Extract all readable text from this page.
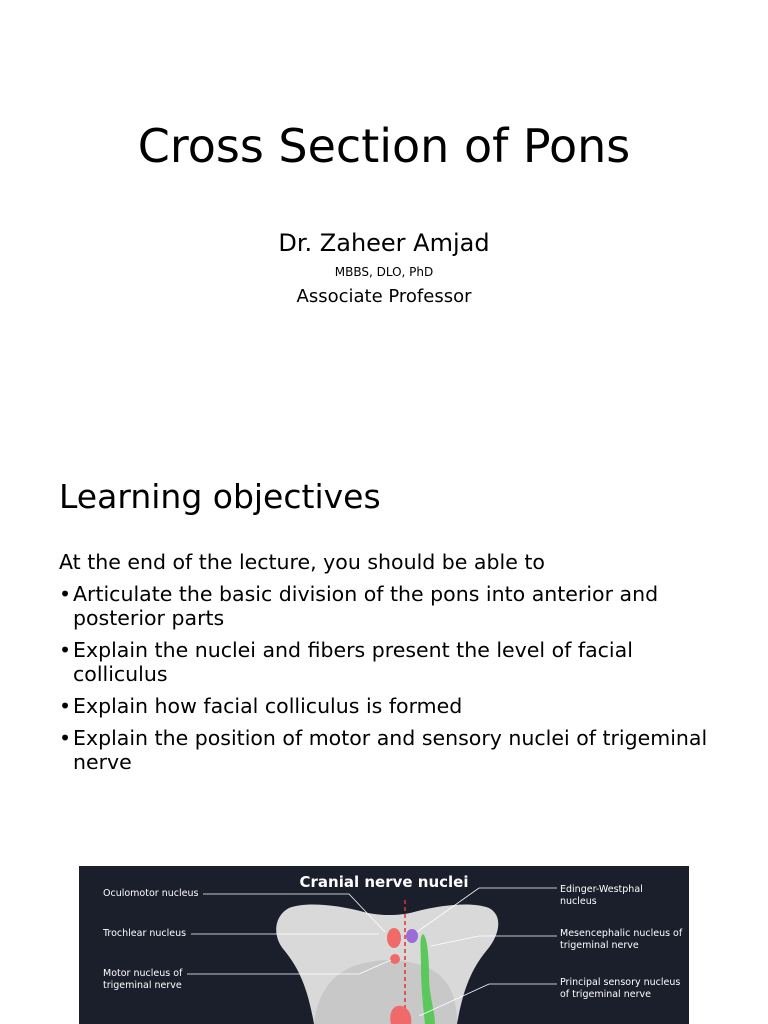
Cross Section of Pons
Dr. Zaheer Amjad
MBBS, DLO, PhD
Associate Professor
Learning objectives
At the end of the lecture, you should be able to
• Articulate the basic division of the pons into anterior and posterior parts
• Explain the nuclei and fibers present the level of facial colliculus
• Explain how facial colliculus is formed
• Explain the position of motor and sensory nuclei of trigeminal nerve
Cranial nerve nuclei
Oculomotor nucleus
Trochlear nucleus
Motor nucleus of trigeminal nerve
Edinger-Westphal nucleus
Mesencephalic nucleus of trigeminal nerve
Principal sensory nucleus of trigeminal nerve
